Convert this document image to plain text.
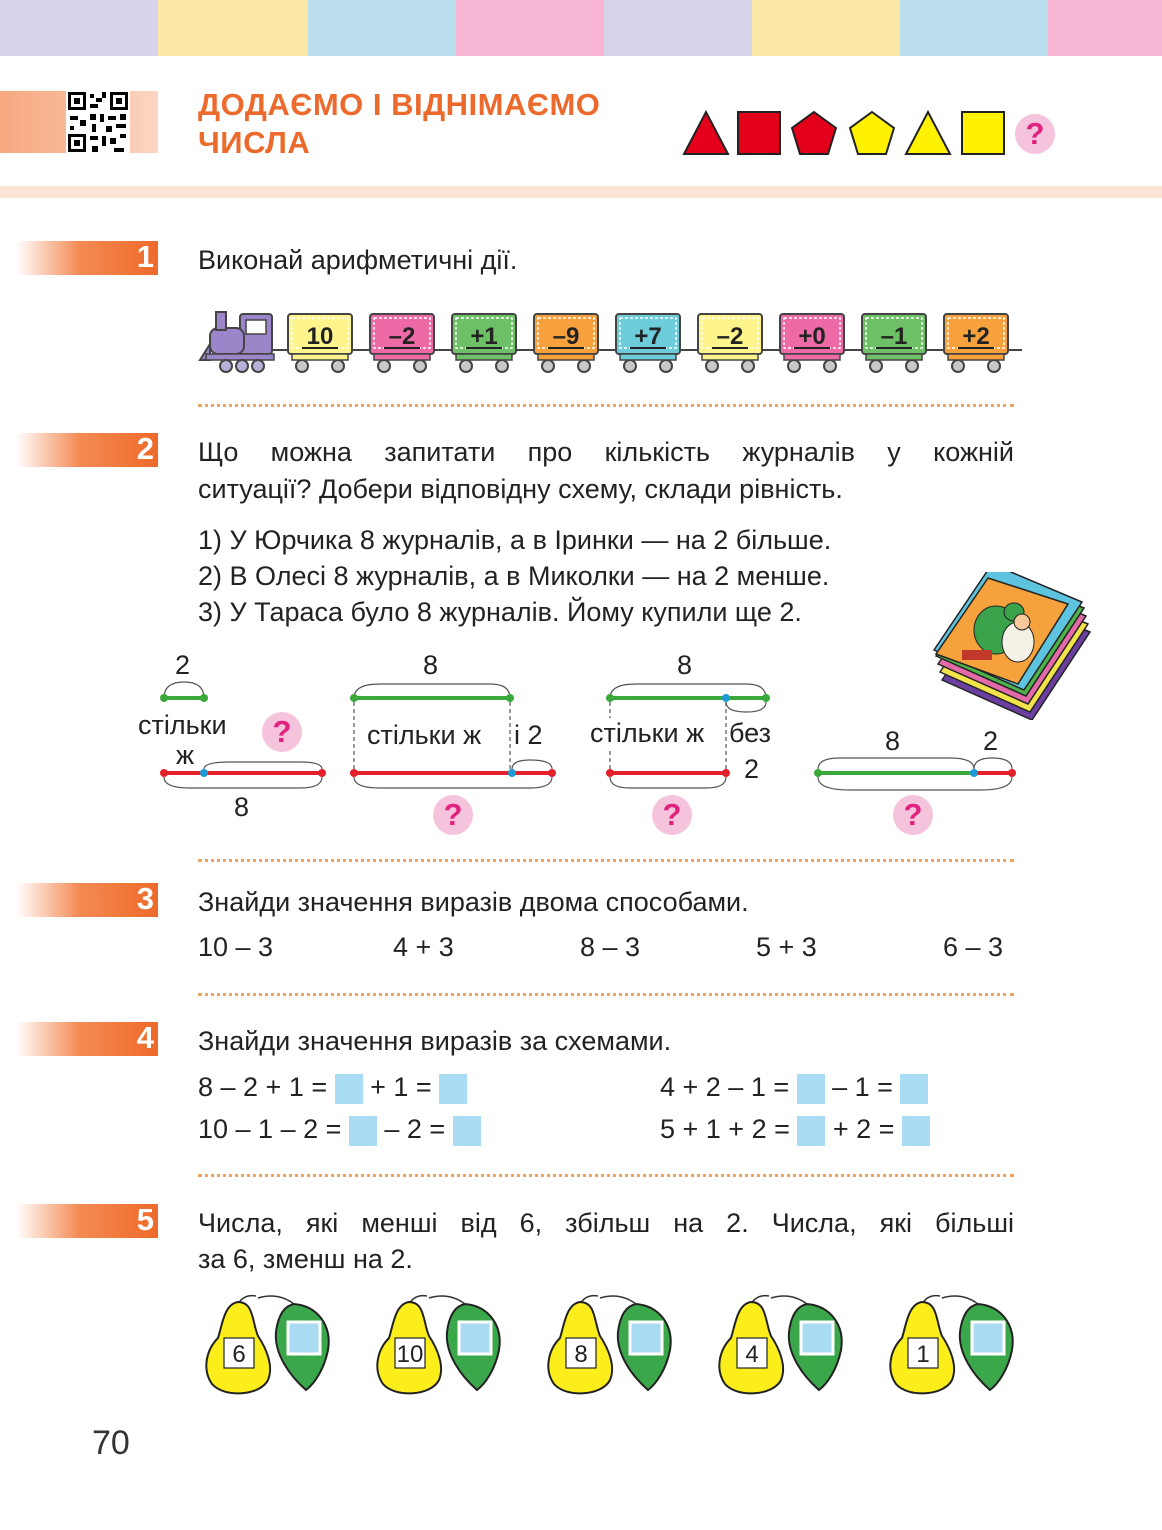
ДОДАЄМО І ВІДНІМАЄМО
ЧИСЛА	?
1 Виконай арифметичні дії.
10 –2 +1 –9 +7 –2 +0 –1 +2
2 Що можна запитати про кількість журналів у кожній
ситуації? Добери відповідну схему, склади рівність.
1) У Юрчика 8 журналів, а в Іринки — на 2 більше.
2) В Олесі 8 журналів, а в Миколки — на 2 менше.
3) У Тараса було 8 журналів. Йому купили ще 2.
2
стільки
ж
8
?
8
стільки ж і 2
?
8
стільки ж без
2
?
8	2
?
3 Знайди значення виразів двома способами.
10 – 3	4 + 3	8 – 3	5 + 3	6 – 3
4 Знайди значення виразів за схемами.
8 – 2 + 1 =  + 1 =	4 + 2 – 1 =  – 1 =
10 – 1 – 2 =  – 2 =	5 + 1 + 2 =  + 2 =
5 Числа, які менші від 6, збільш на 2. Числа, які більші
за 6, зменш на 2.
6	10	8	4	1
70
